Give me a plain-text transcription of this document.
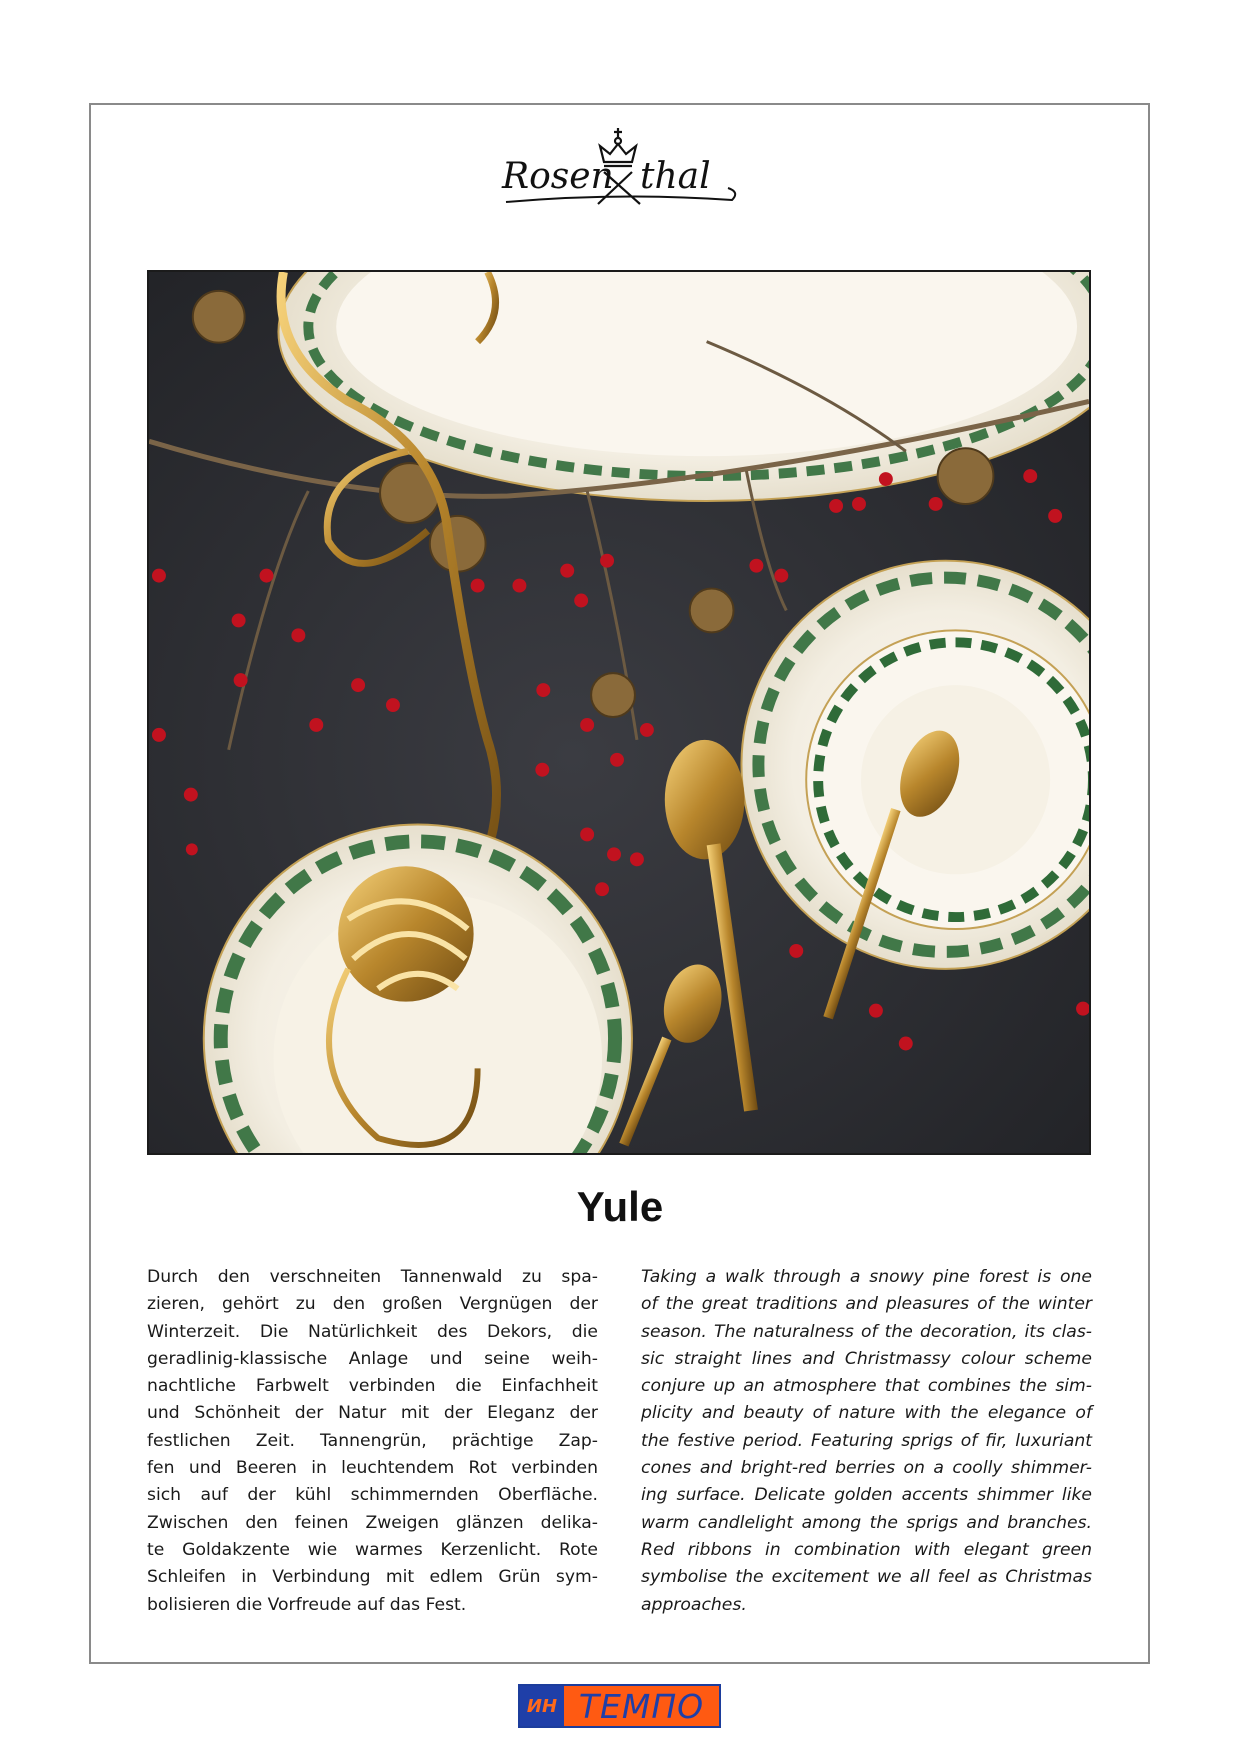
Rosen thal
Yule
Durch den verschneiten Tannenwald zu spa-
zieren, gehört zu den großen Vergnügen der
Winterzeit. Die Natürlichkeit des Dekors, die
geradlinig-klassische Anlage und seine weih-
nachtliche Farbwelt verbinden die Einfachheit
und Schönheit der Natur mit der Eleganz der
festlichen Zeit. Tannengrün, prächtige Zap-
fen und Beeren in leuchtendem Rot verbinden
sich auf der kühl schimmernden Oberfläche.
Zwischen den feinen Zweigen glänzen delika-
te Goldakzente wie warmes Kerzenlicht. Rote
Schleifen in Verbindung mit edlem Grün sym-
bolisieren die Vorfreude auf das Fest.
Taking a walk through a snowy pine forest is one
of the great traditions and pleasures of the winter
season. The naturalness of the decoration, its clas-
sic straight lines and Christmassy colour scheme
conjure up an atmosphere that combines the sim-
plicity and beauty of nature with the elegance of
the festive period. Featuring sprigs of fir, luxuriant
cones and bright-red berries on a coolly shimmer-
ing surface. Delicate golden accents shimmer like
warm candlelight among the sprigs and branches.
Red ribbons in combination with elegant green
symbolise the excitement we all feel as Christmas
approaches.
ИН ТЕМПО
